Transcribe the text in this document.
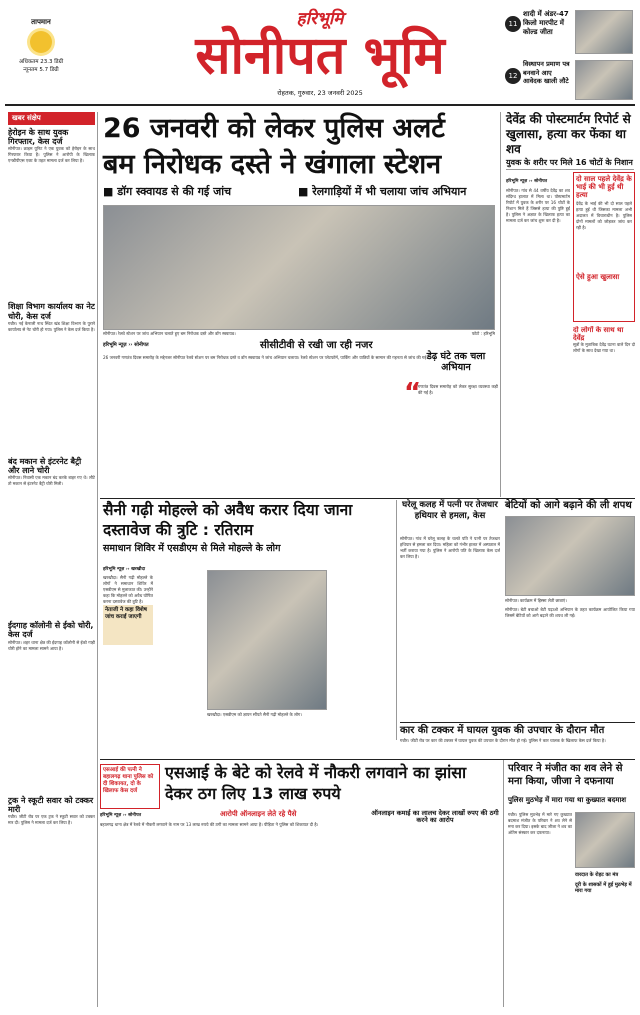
तापमान
अधिकतम 23.3 डिग्री
न्यूनतम 5.7 डिग्री
हरिभूमि
सोनीपत भूमि
रोहतक, गुरुवार, 23 जनवरी 2025
11
शादी में अंडर-47 किलो मारपीट में कोल्ड जीता
12
विस्थापन प्रमाण पत्र बनवाने आए आवेदक खाली लौटे
खबर संक्षेप
हेरोइन के साथ युवक गिरफ्तार, केस दर्ज
सोनीपत। क्राइम यूनिट ने एक युवक को हेरोइन के साथ गिरफ्तार किया है। पुलिस ने आरोपी के खिलाफ एनडीपीएस एक्ट के तहत मामला दर्ज कर लिया है।
शिक्षा विभाग कार्यालय का नेट चोरी, केस दर्ज
गन्नौर। नई केनाली नाथ स्थित खंड शिक्षा विभाग के पुराने कार्यालय से नेट चोरी हो गया। पुलिस ने केस दर्ज किया है।
बंद मकान से इंटरनेट बैट्री और लाने चोरी
सोनीपत। निवासी एक मकान बंद करके बाहर गए थे। लौटे तो मकान से इंटरनेट बैट्री चोरी मिली।
ईदगाह कॉलोनी से ईको चोरी, केस दर्ज
सोनीपत। शहर थाना क्षेत्र की ईदगाह कॉलोनी से ईको गाड़ी चोरी होने का मामला सामने आया है।
ट्रक ने स्कूटी सवार को टक्कर मारी
गन्नौर। जीटी रोड पर एक ट्रक ने स्कूटी सवार को टक्कर मार दी। पुलिस ने मामला दर्ज कर लिया है।
26 जनवरी को लेकर पुलिस अलर्ट
बम निरोधक दस्ते ने खंगाला स्टेशन
■ डॉग स्क्वायड से की गई जांच	■ रेलगाड़ियों में भी चलाया जांच अभियान
सोनीपत। रेलवे स्टेशन पर जांच अभियान चलाते हुए बम निरोधक दस्ते और डॉग स्क्वायड।	फोटो : हरिभूमि
हरिभूमि न्यूज़ ›› सोनीपत	सीसीटीवी से रखी जा रही नजर
26 जनवरी गणतंत्र दिवस समारोह के मद्देनजर सोनीपत रेलवे स्टेशन पर बम निरोधक दस्ते व डॉग स्क्वायड ने जांच अभियान चलाया। रेलवे स्टेशन पर प्लेटफॉर्म, पार्किंग और यात्रियों के सामान की गहनता से जांच की गई।
डेढ़ घंटे तक चला अभियान
“
गणतंत्र दिवस समारोह को लेकर सुरक्षा व्यवस्था कड़ी की गई है।
देवेंद्र की पोस्टमार्टम रिपोर्ट से खुलासा, हत्या कर फेंका था शव
युवक के शरीर पर मिले 16 चोटों के निशान
हरिभूमि न्यूज़ ›› सोनीपत
सोनीपत। गांव से 44 वर्षीय देवेंद्र का शव संदिग्ध हालात में मिला था। पोस्टमार्टम रिपोर्ट में युवक के शरीर पर 16 चोटों के निशान मिले हैं जिससे हत्या की पुष्टि हुई है। पुलिस ने अज्ञात के खिलाफ हत्या का मामला दर्ज कर जांच शुरू कर दी है।
दो साल पहले देवेंद्र के भाई की भी हुई थी हत्या
देवेंद्र के भाई की भी दो साल पहले हत्या हुई थी जिसका मामला अभी अदालत में विचाराधीन है। पुलिस दोनों मामलों को जोड़कर जांच कर रही है।
ऐसे हुआ खुलासा
दो लोगों के साथ था देवेंद्र
सूत्रों के मुताबिक देवेंद्र घटना वाले दिन दो लोगों के साथ देखा गया था।
सैनी गढ़ी मोहल्ले को अवैध करार दिया जाना दस्तावेज की त्रुटि : रतिराम
समाधान शिविर में एसडीएम से मिले मोहल्ले के लोग
हरिभूमि न्यूज़ ›› खरखौदा
खरखौदा। सैनी गढ़ी मोहल्ले के लोगों ने समाधान शिविर में एसडीएम से मुलाकात की। उन्होंने कहा कि मोहल्ले को अवैध घोषित करना दस्तावेज की त्रुटि है।
नेताजी ने कहा विशेष जांच कराई जाएगी
खरखौदा। एसडीएम को ज्ञापन सौंपते सैनी गढ़ी मोहल्ले के लोग।
घरेलू कलह में पत्नी पर तेजधार हथियार से हमला, केस
सोनीपत। गांव में घरेलू कलह के चलते पति ने पत्नी पर तेजधार हथियार से हमला कर दिया। महिला को गंभीर हालत में अस्पताल में भर्ती कराया गया है। पुलिस ने आरोपी पति के खिलाफ केस दर्ज कर लिया है।
बेटियों को आगे बढ़ाने की ली शपथ
सोनीपत। कार्यक्रम में हिस्सा लेती छात्राएं।
सोनीपत। बेटी बचाओ बेटी पढ़ाओ अभियान के तहत कार्यक्रम आयोजित किया गया जिसमें बेटियों को आगे बढ़ाने की शपथ ली गई।
कार की टक्कर में घायल युवक की उपचार के दौरान मौत
गन्नौर। जीटी रोड पर कार की टक्कर में घायल युवक की उपचार के दौरान मौत हो गई। पुलिस ने कार चालक के खिलाफ केस दर्ज किया है।
एसआई की पत्नी ने बहालगढ़ थाना पुलिस को दी शिकायत, दो के खिलाफ केस दर्ज
एसआई के बेटे को रेलवे में नौकरी लगवाने का झांसा देकर ठग लिए 13 लाख रुपये
हरिभूमि न्यूज़ ›› सोनीपत	आरोपी ऑनलाइन लेते रहे पैसे	ऑनलाइन कमाई का लालच देकर लाखों रुपए की ठगी करने का आरोप
बहालगढ़ थाना क्षेत्र में रेलवे में नौकरी लगवाने के नाम पर 13 लाख रुपये की ठगी का मामला सामने आया है। पीड़िता ने पुलिस को शिकायत दी है।
परिवार ने मंजीत का शव लेने से मना किया, जीजा ने दफनाया
पुलिस मुठभेड़ में मारा गया था कुख्यात बदमाश
गन्नौर। पुलिस मुठभेड़ में मारे गए कुख्यात बदमाश मंजीत के परिवार ने शव लेने से मना कर दिया। इसके बाद जीजा ने शव का अंतिम संस्कार कर दफनाया।
वारदात के रोहट का मंत्र
दूरी के शासकों में हुई मुठभेड़ में मारा गया
